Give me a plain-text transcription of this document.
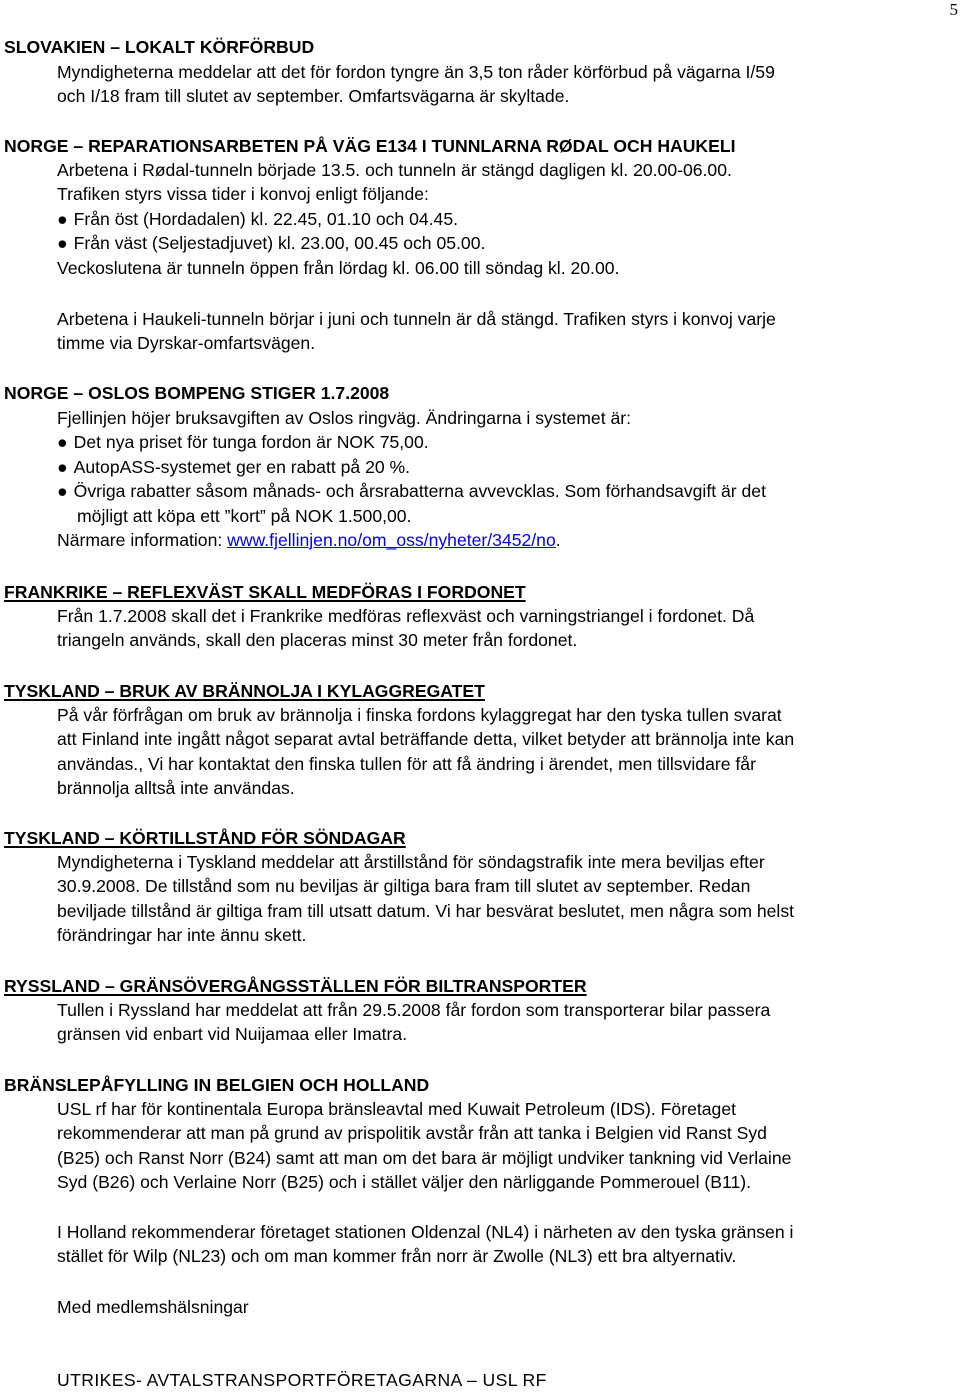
5
SLOVAKIEN – LOKALT KÖRFÖRBUD

Myndigheterna meddelar att det för fordon tyngre än 3,5 ton råder körförbud på vägarna I/59

och I/18 fram till slutet av september. Omfartsvägarna är skyltade.

NORGE – REPARATIONSARBETEN PÅ VÄG E134 I TUNNLARNA RØDAL OCH HAUKELI

Arbetena i Rødal-tunneln började 13.5. och tunneln är stängd dagligen kl. 20.00-06.00.

Trafiken styrs vissa tider i konvoj enligt följande:

● Från öst (Hordadalen) kl. 22.45, 01.10 och 04.45.

● Från väst (Seljestadjuvet) kl. 23.00, 00.45 och 05.00.

Veckoslutena är tunneln öppen från lördag kl. 06.00 till söndag kl. 20.00.

Arbetena i Haukeli-tunneln börjar i juni och tunneln är då stängd. Trafiken styrs i konvoj varje

timme via Dyrskar-omfartsvägen.

NORGE – OSLOS BOMPENG STIGER 1.7.2008

Fjellinjen höjer bruksavgiften av Oslos ringväg. Ändringarna i systemet är:

● Det nya priset för tunga fordon är NOK 75,00.

● AutopASS-systemet ger en rabatt på 20 %.

● Övriga rabatter såsom månads- och årsrabatterna avvevcklas. Som förhandsavgift är det

möjligt att köpa ett ”kort” på NOK 1.500,00.

Närmare information: www.fjellinjen.no/om_oss/nyheter/3452/no.

FRANKRIKE – REFLEXVÄST SKALL MEDFÖRAS I FORDONET

Från 1.7.2008 skall det i Frankrike medföras reflexväst och varningstriangel i fordonet. Då

triangeln används, skall den placeras minst 30 meter från fordonet.

TYSKLAND – BRUK AV BRÄNNOLJA I KYLAGGREGATET

På vår förfrågan om bruk av brännolja i finska fordons kylaggregat har den tyska tullen svarat

att Finland inte ingått något separat avtal beträffande detta, vilket betyder att brännolja inte kan

användas., Vi har kontaktat den finska tullen för att få ändring i ärendet, men tillsvidare får

brännolja alltså inte användas.

TYSKLAND – KÖRTILLSTÅND FÖR SÖNDAGAR

Myndigheterna i Tyskland meddelar att årstillstånd för söndagstrafik inte mera beviljas efter

30.9.2008. De tillstånd som nu beviljas är giltiga bara fram till slutet av september. Redan

beviljade tillstånd är giltiga fram till utsatt datum. Vi har besvärat beslutet, men några som helst

förändringar har inte ännu skett.

RYSSLAND – GRÄNSÖVERGÅNGSSTÄLLEN FÖR BILTRANSPORTER

Tullen i Ryssland har meddelat att från 29.5.2008 får fordon som transporterar bilar passera

gränsen vid enbart vid Nuijamaa eller Imatra.

BRÄNSLEPÅFYLLING IN BELGIEN OCH HOLLAND

USL rf har för kontinentala Europa bränsleavtal med Kuwait Petroleum (IDS). Företaget

rekommenderar att man på grund av prispolitik avstår från att tanka i Belgien vid Ranst Syd

(B25) och Ranst Norr (B24) samt att man om det bara är möjligt undviker tankning vid Verlaine

Syd (B26) och Verlaine Norr (B25) och i stället väljer den närliggande Pommerouel (B11).

I Holland rekommenderar företaget stationen Oldenzal (NL4) i närheten av den tyska gränsen i

stället för Wilp (NL23) och om man kommer från norr är Zwolle (NL3) ett bra altyernativ.

Med medlemshälsningar
UTRIKES- AVTALSTRANSPORTFÖRETAGARNA – USL RF
